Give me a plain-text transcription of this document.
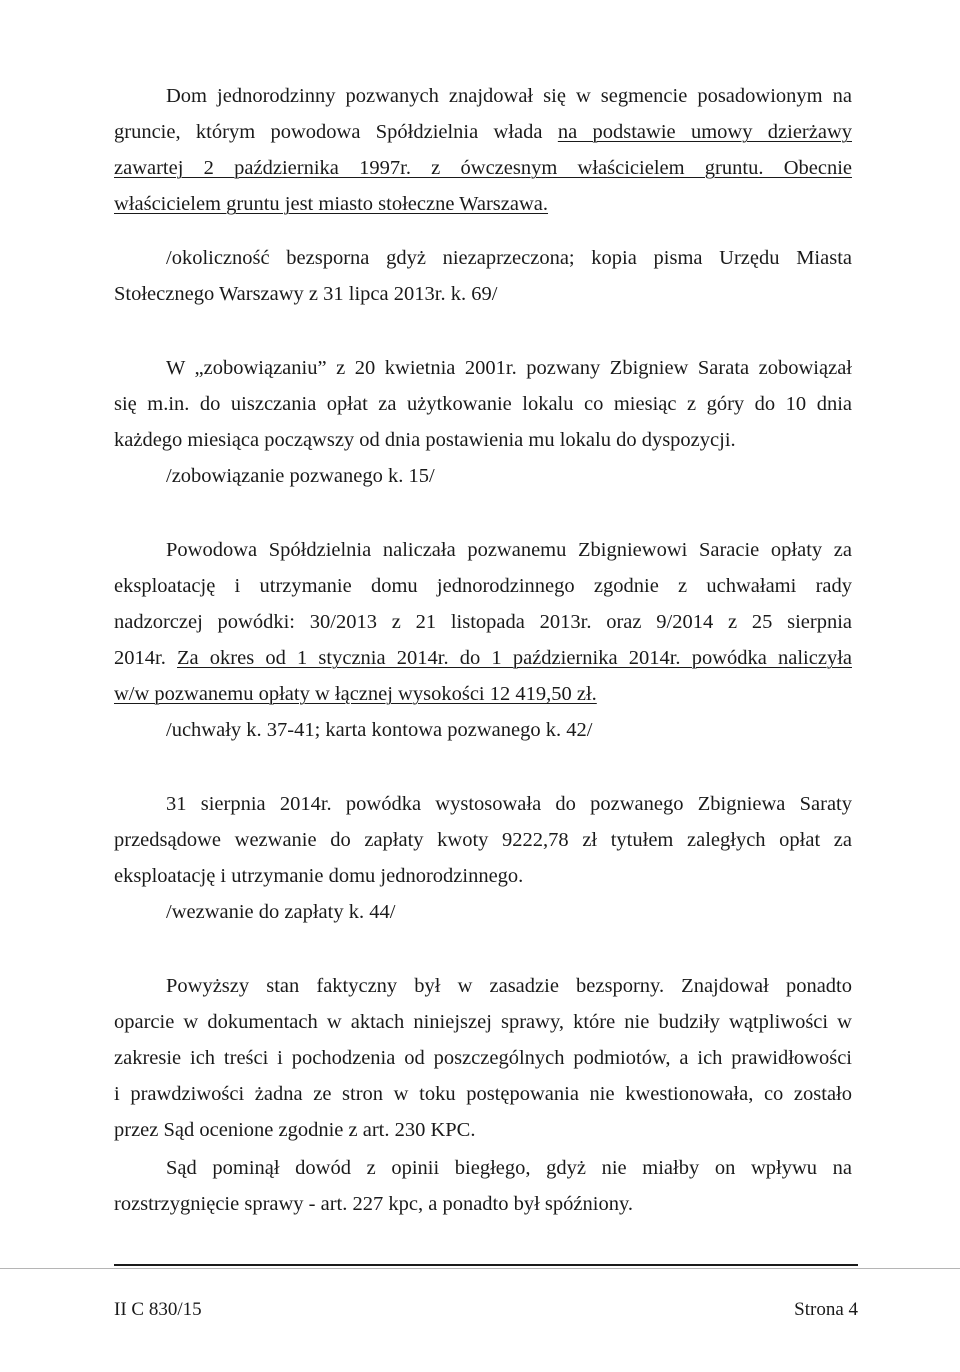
Dom jednorodzinny pozwanych znajdował się w segmencie posadowionym na
gruncie, którym powodowa Spółdzielnia włada na podstawie umowy dzierżawy
zawartej 2 października 1997r. z ówczesnym właścicielem gruntu. Obecnie
właścicielem gruntu jest miasto stołeczne Warszawa.
/okoliczność bezsporna gdyż niezaprzeczona; kopia pisma Urzędu Miasta
Stołecznego Warszawy z 31 lipca 2013r. k. 69/
W „zobowiązaniu” z 20 kwietnia 2001r. pozwany Zbigniew Sarata zobowiązał
się m.in. do uiszczania opłat za użytkowanie lokalu co miesiąc z góry do 10 dnia
każdego miesiąca począwszy od dnia postawienia mu lokalu do dyspozycji.
/zobowiązanie pozwanego k. 15/
Powodowa Spółdzielnia naliczała pozwanemu Zbigniewowi Saracie opłaty za
eksploatację i utrzymanie domu jednorodzinnego zgodnie z uchwałami rady
nadzorczej powódki: 30/2013 z 21 listopada 2013r. oraz 9/2014 z 25 sierpnia
2014r. Za okres od 1 stycznia 2014r. do 1 października 2014r. powódka naliczyła
w/w pozwanemu opłaty w łącznej wysokości 12 419,50 zł.
/uchwały k. 37-41; karta kontowa pozwanego k. 42/
31 sierpnia 2014r. powódka wystosowała do pozwanego Zbigniewa Saraty
przedsądowe wezwanie do zapłaty kwoty 9222,78 zł tytułem zaległych opłat za
eksploatację i utrzymanie domu jednorodzinnego.
/wezwanie do zapłaty k. 44/
Powyższy stan faktyczny był w zasadzie bezsporny. Znajdował ponadto
oparcie w dokumentach w aktach niniejszej sprawy, które nie budziły wątpliwości w
zakresie ich treści i pochodzenia od poszczególnych podmiotów, a ich prawidłowości
i prawdziwości żadna ze stron w toku postępowania nie kwestionowała, co zostało
przez Sąd ocenione zgodnie z art. 230 KPC.
Sąd pominął dowód z opinii biegłego, gdyż nie miałby on wpływu na
rozstrzygnięcie sprawy - art. 227 kpc, a ponadto był spóźniony.
II C 830/15	Strona 4
